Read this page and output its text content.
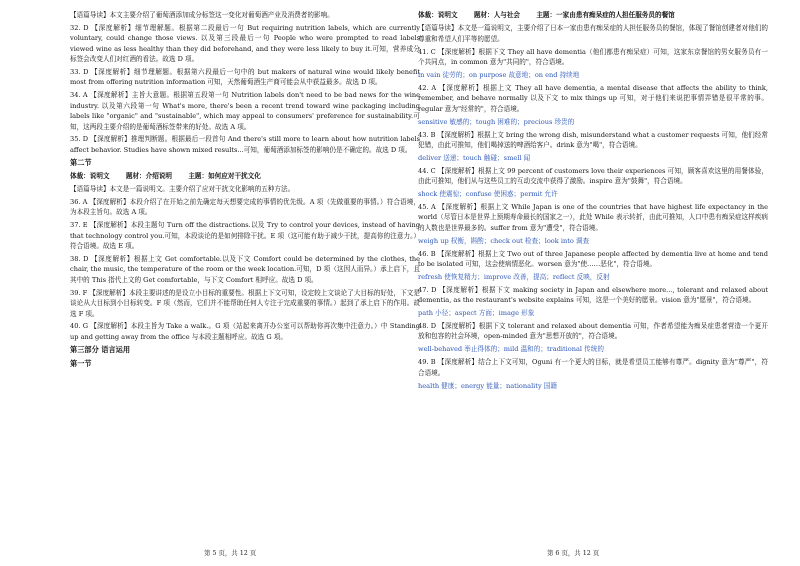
【语篇导读】本文主要介绍了葡萄酒添加成分标签这一变化对葡萄酒产业及消费者的影响。

32. D 【深度解析】细节理解题。根据第二段最后一句 But requiring nutrition labels, which are currently voluntary, could change those views. 以及第三段最后一句 People who were prompted to read labels viewed wine as less healthy than they did beforehand, and they were less likely to buy it.可知，营养成分标签会改变人们对红酒的看法。故选 D 项。

33. D 【深度解析】细节理解题。根据第六段最后一句中的 but makers of natural wine would likely benefit most from offering nutrition information 可知，天然葡萄酒生产商可能会从中获益最多。故选 D 项。

34. A 【深度解析】主旨大意题。根据第五段第一句 Nutrition labels don't need to be bad news for the wine industry. 以及第六段第一句 What's more, there's been a recent trend toward wine packaging including labels like "organic" and "sustainable", which may appeal to consumers' preference for sustainability.可知，这两段主要介绍的是葡萄酒标签带来的好处。故选 A 项。

35. D 【深度解析】推理判断题。根据最后一段首句 And there's still more to learn about how nutrition labels affect behavior. Studies have shown mixed results...可知，葡萄酒添加标签的影响仍是不确定的。故选 D 项。

第二节
体裁：说明文 题材：介绍说明 主题：如何应对干扰文化

【语篇导读】本文是一篇说明文。主要介绍了应对干扰文化影响的五种方法。

36. A 【深度解析】本段介绍了在开始之前先确定每天想要完成的事情的优先级。A 项（先做重要的事情。）符合语境，为本段主旨句。故选 A 项。

37. E 【深度解析】本段主题句 Turn off the distractions.以及 Try to control your devices, instead of having that technology control you.可知，本段谈论的是如何排除干扰。E 项（这可能有助于减少干扰，提高你的注意力。）符合语境。故选 E 项。

38. D 【深度解析】根据上文 Get comfortable.以及下文 Comfort could be determined by the clothes, the chair, the music, the temperature of the room or the week location.可知，D 项（这因人而异。）承上启下，且其中的 This 指代上文的 Get comfortable，与下文 Comfort 相呼应。故选 D 项。

39. F 【深度解析】本段主要讲述的是设立小目标的重要性。根据上下文可知，设定较上文谈论了大目标的好处，下文是谈论从大目标到小目标转变。F 项（然而，它们并不能帮助任何人专注于完成重要的事情。）起到了承上启下的作用。故选 F 项。

40. G 【深度解析】本段主旨为 Take a walk.。G 项（站起来离开办公室可以帮助你再次集中注意力。）中 Standing up and getting away from the office 与本段主题相呼应。故选 G 项。

第三部分 语言运用
第一节
体裁：说明文 题材：人与社会 主题：一家由患有痴呆症的人担任服务员的餐馆

【语篇导读】本文是一篇说明文，主要介绍了日本一家由患有痴呆症的人担任服务员的餐馆，体现了餐馆创建者对他们的尊重和希望人们平等的愿望。

41. C 【深度解析】根据下文 They all have dementia（他们都患有痴呆症）可知，这家东京餐馆的男女服务员有一个共同点，in common 意为"共同的"，符合语境。

in vain 徒劳的；on purpose 故意地；on end 持续地

42. A 【深度解析】根据上文 They all have dementia, a mental disease that affects the ability to think, remember, and behave normally 以及下文 to mix things up 可知，对于他们来说把事情弄错是很平常的事。regular 意为"经常的"，符合语境。

sensitive 敏感的；tough 困难的；precious 珍贵的

43. B 【深度解析】根据上文 bring the wrong dish, misunderstand what a customer requests 可知，他们经常犯错，由此可推知，他们喝掉送的啤酒给客户。drink 意为"喝"，符合语境。

deliver 送递；touch 触碰；smell 闻

44. C 【深度解析】根据上文 99 percent of customers love their experiences 可知，顾客喜欢这里的用餐体验，由此可推知，他们从与这些员工的互动交流中获得了激励。inspire 意为"鼓舞"，符合语境。

shock 使震惊；confuse 使困惑；permit 允许

45. A 【深度解析】根据上文 While Japan is one of the countries that have highest life expectancy in the world（尽管日本是世界上预期寿命最长的国家之一），此处 While 表示转折，由此可推知，人口中患有痴呆症这样疾病的人数也是世界最多的。suffer from 意为"遭受"，符合语境。

weigh up 权衡，斟酌；check out 检查；look into 调查

46. B 【深度解析】根据上文 Two out of three Japanese people affected by dementia live at home and tend to be isolated 可知，这会使病情恶化。worsen 意为"使……恶化"，符合语境。

refresh 使恢复精力；improve 改善，提高；reflect 反映，反射

47. D 【深度解析】根据下文 making society in Japan and elsewhere more..., tolerant and relaxed about dementia, as the restaurant's website explains 可知，这是一个美好的愿景。vision 意为"愿景"，符合语境。

path 小径；aspect 方面；image 形象

48. D 【深度解析】根据下文 tolerant and relaxed about dementia 可知，作者希望能为痴呆症患者营造一个更开放和包容的社会环境，open-minded 意为"思想开放的"，符合语境。

well-behaved 举止得体的；mild 温和的；traditional 传统的

49. B 【深度解析】结合上下文可知，Oguni 有一个更大的目标，就是希望员工能够有尊严。dignity 意为"尊严"，符合语境。

health 健康；energy 能量；nationality 国籍

第 5 页，共 12 页	第 6 页，共 12 页
